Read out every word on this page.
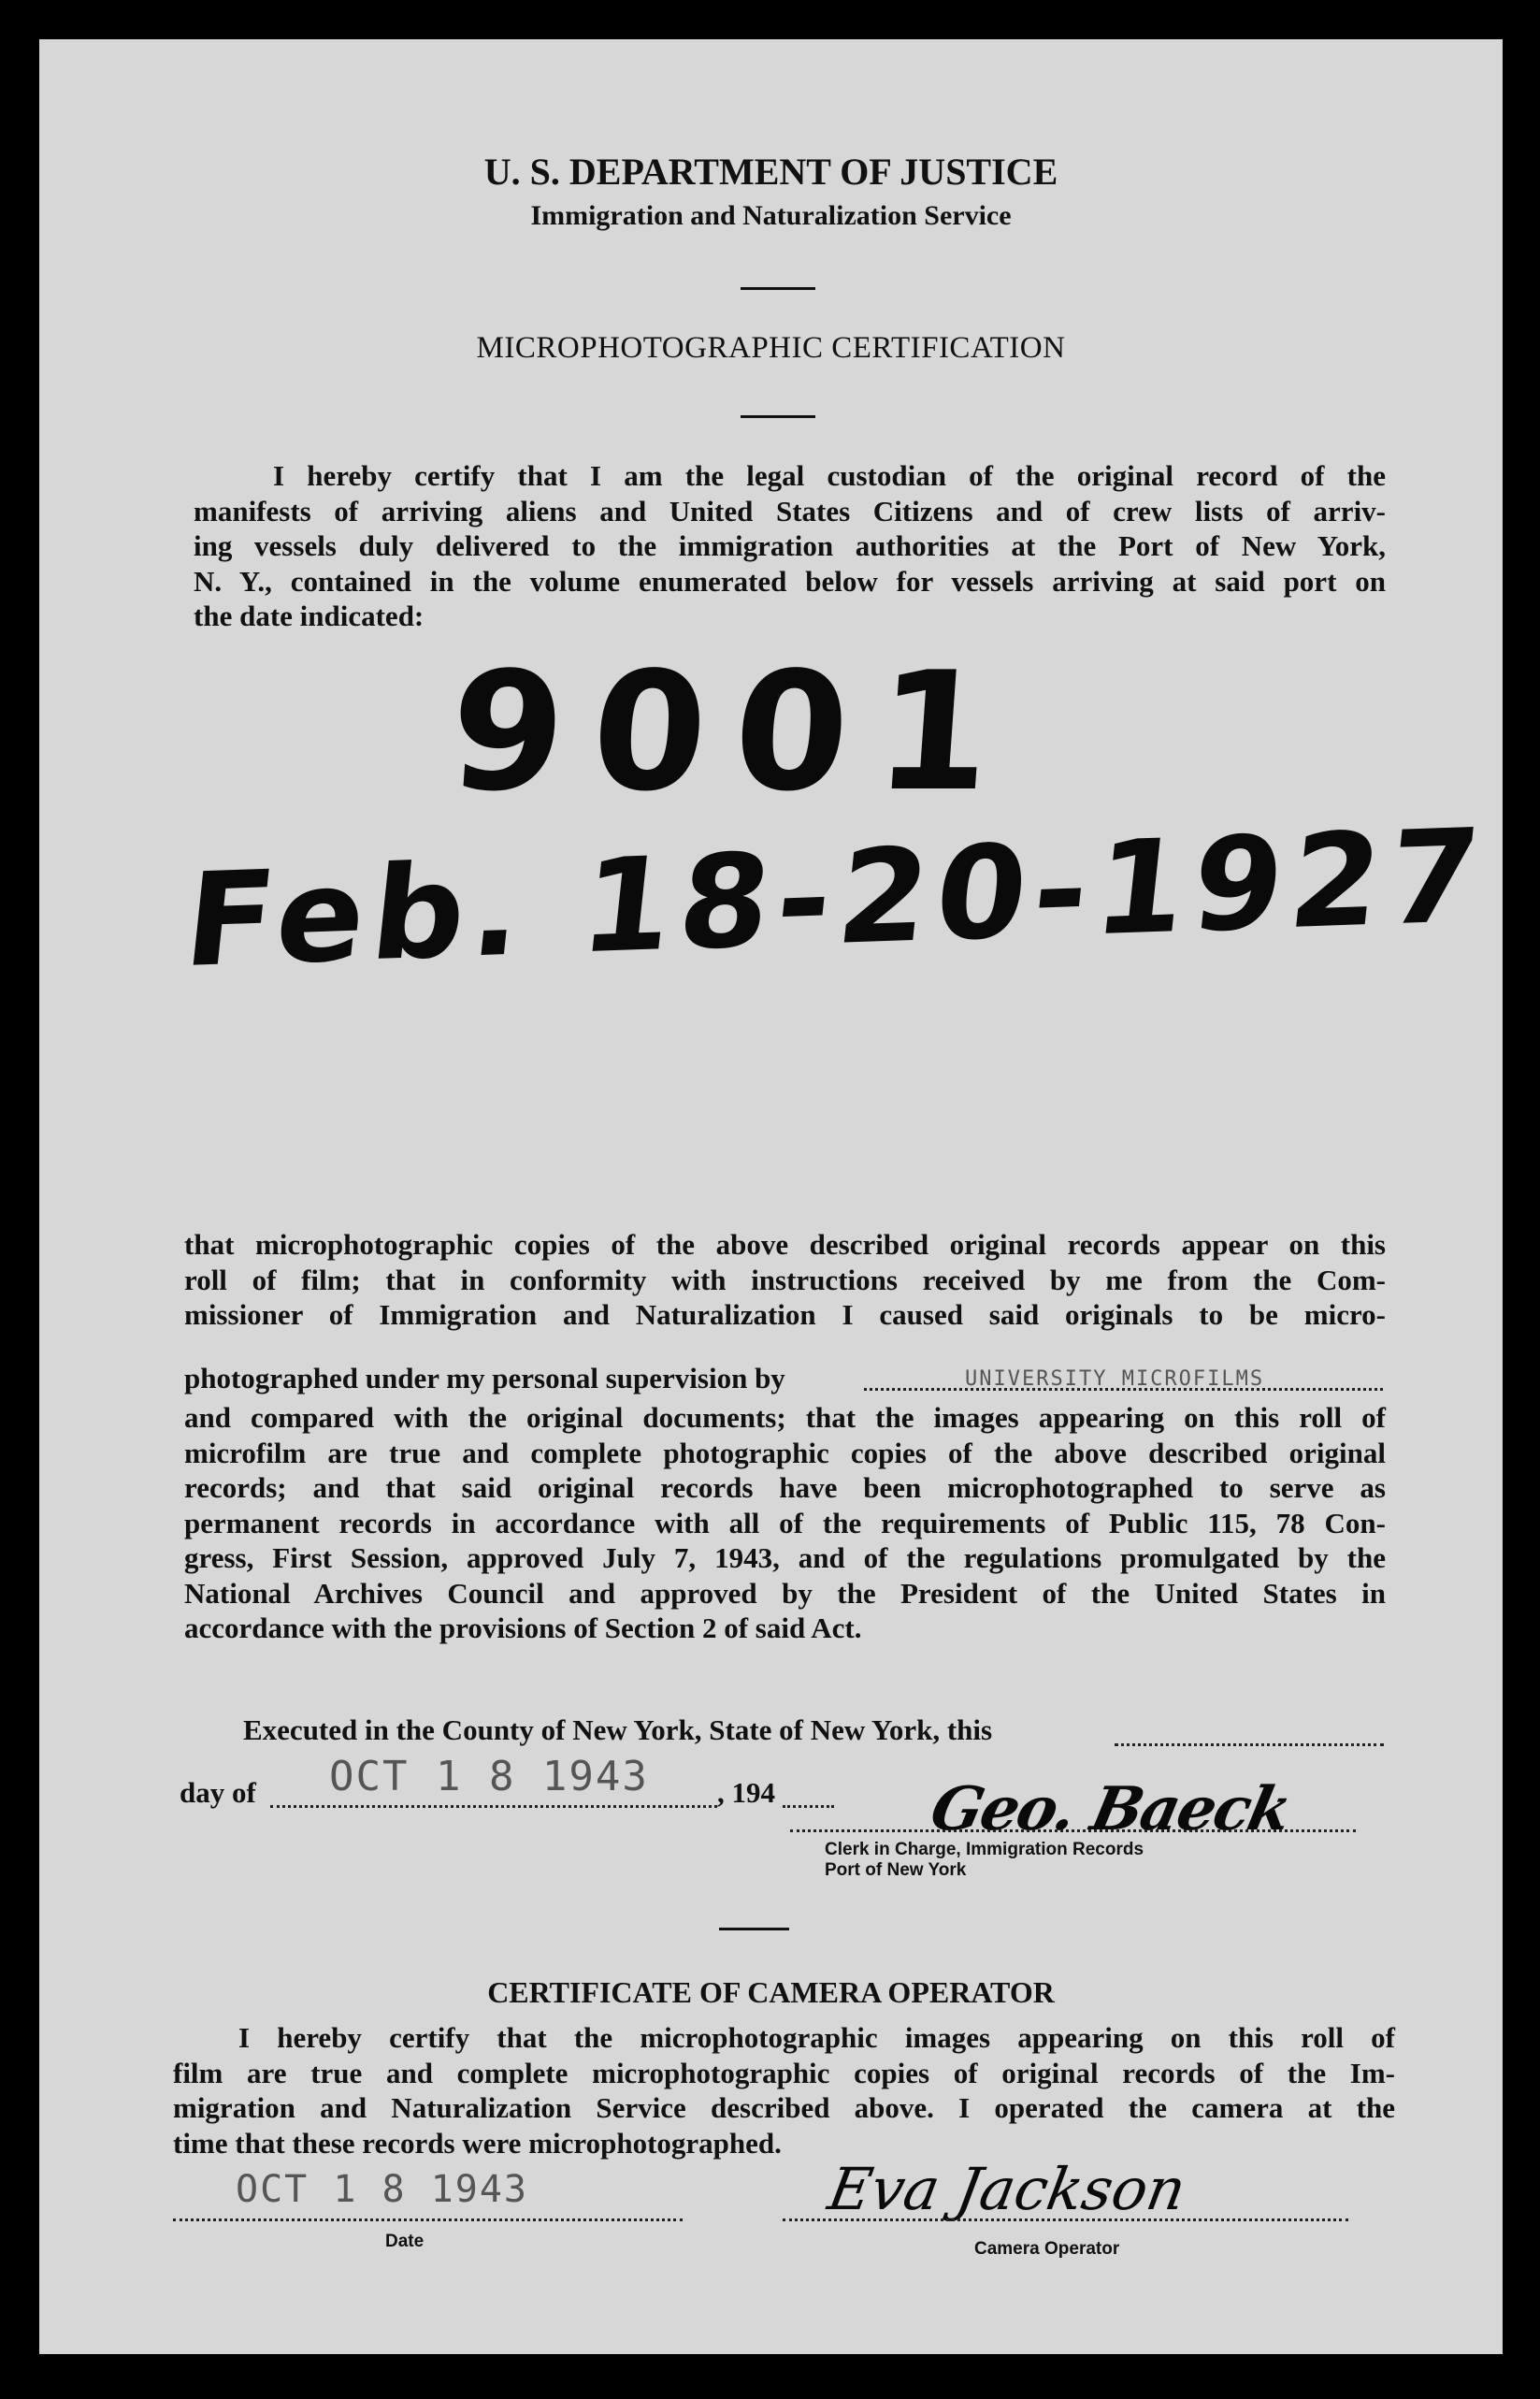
U. S. DEPARTMENT OF JUSTICE
Immigration and Naturalization Service
MICROPHOTOGRAPHIC CERTIFICATION
I hereby certify that I am the legal custodian of the original record of the
manifests of arriving aliens and United States Citizens and of crew lists of arriv-
ing vessels duly delivered to the immigration authorities at the Port of New York,
N. Y., contained in the volume enumerated below for vessels arriving at said port on
the date indicated:
9001
Feb. 18-20-1927
that microphotographic copies of the above described original records appear on this
roll of film; that in conformity with instructions received by me from the Com-
missioner of Immigration and Naturalization I caused said originals to be micro-
photographed under my personal supervision by	UNIVERSITY MICROFILMS
and compared with the original documents; that the images appearing on this roll of
microfilm are true and complete photographic copies of the above described original
records; and that said original records have been microphotographed to serve as
permanent records in accordance with all of the requirements of Public 115, 78 Con-
gress, First Session, approved July 7, 1943, and of the regulations promulgated by the
National Archives Council and approved by the President of the United States in
accordance with the provisions of Section 2 of said Act.
Executed in the County of New York, State of New York, this
day of OCT 1 8 1943 , 194	Geo. Baeck
Clerk in Charge, Immigration Records
Port of New York
CERTIFICATE OF CAMERA OPERATOR
I hereby certify that the microphotographic images appearing on this roll of
film are true and complete microphotographic copies of original records of the Im-
migration and Naturalization Service described above. I operated the camera at the
time that these records were microphotographed.
OCT 1 8 1943
Date
Eva Jackson
Camera Operator
